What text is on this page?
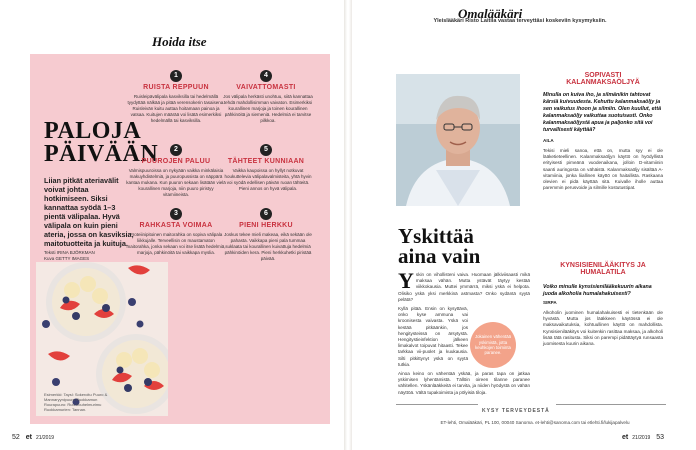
Hoida itse
PALOJA
PÄIVÄÄN
Liian pitkät ateriavälit voivat johtaa hotkimiseen. Siksi kannattaa syödä 1–3 pientä välipalaa. Hyvä välipala on kuin pieni ateria, jossa on kasviksia, maitotuotteita ja kuituja.
Teksti IRINA BJÖRKMAN
Kuva GETTY IMAGES
Esimerkki: Taysl: Sokeroitu Puuro & Mannaryynipuuro Ruokkamun Rourapuuro: Ruu Vouhelmurimu Ruokkamurien: Tannan.
1
RUISTA REPPUUN
Ruisleipävälipala kasviksilla tai hedelmällä tyydyttää nälkää ja pitää verensokerin tasaisena. Ruisleivän kuitu auttaa hoitamaan painoa ja vatsaa. Kuitujen määrää voi lisätä esimerkiksi hedelmällä tai kasviksilla.
2
PUUROJEN PALUU
Valmispuuroissa on nykyään vaikka minkälaisia makuyhdistelmiä, ja puuropussista on näppärä kantaa mukana. Kun puuron sekaan lisätään vielä kourallinen marjoja, niin puuro piristyy vitamiineista.
3
RAHKASTA VOIMAA
Proteiinipitoinen maitorahka on sopiva välipala liikkujalle. Terveellisin on maustamaton maitorahka, jonka sekaan voi itse lisätä hedelmiä, marjoja, pähkinöitä tai vaikkapa myslia.
4
VAIVATTOMASTI
Jos välipala herkästi unohtuu, siitä kannattaa tehdä mahdollisimman vaivaton. Esimerkiksi kourallinen marjoja ja toinen kourallinen pähkinöitä ja siemeniä. Hedelmiä ei tarvitse pilkkoa.
5
TÄHTEET KUNNIAAN
Vaikka kaupoissa on hyllyt notkuvat houkuttelevia välipalavalmisteita, yhtä hyvin voi syödä edellisen päivän ruoan tähteitä. Pieni annos on hyvä välipala.
6
PIENI HERKKU
Joskus tekee mieli makeaa, eikä sekään ole pahasta. Vaikkapa pieni pala tummaa suklaata tai kourallinen kuivattuja hedelmiä pähkinöiden kera. Pieni herkkuhetki piristää päivää.
52 et 21/2019
Omalääkäri
Yleislääkäri Risto Laitila vastaa terveyttäsi koskeviin kysymyksiin.
Yskittää
aina vain
Y skin on vihollisteni vaiva. Huomaan jälkiviisaasti mikä maksaa vähän. Mutta ystävät täytyy kestää viikkokausia. Muttei ymmärrä, miksi yskä ei helpota. Olisiko yskä yksi merkkinä astmasta? Onko sydäntä syytä pelätä?

Kyllä pitää. Ensin on kysyttävä, onko kyse ammuna vai kroonisesta vaivasta. Yskä voi kestää pitkäänkin, jos hengitysteissä on ärsytystä. Hengitystieinfektion jälkeen limakalvot toipuvat hitaasti. Tekee tarkkaa vii-puolet ja kuukausia. Silti pitkittynyt yskä on syytä tutkia.

Ainoa keino on vähentää yskää, ja paras tapa on jatkaa yskimisen lyhentämistä. Tällöin oireen tilanne paranee vähitellen. Yskänlääkkeitä ei tarvita, ja niiden hyödystä on vähän näyttöä. Vältä tupakoimista ja pölyisiä tiloja.

Jokainen vähentää yskimistä, jotta keuhkojen toiminta paranee.
SOPIVASTI KALANMAKSAÖLJYÄ
Minulla on kuiva iho, ja silmänikin tahtovat kärsiä kuivuudesta. Kehuttu kalanmaksaöljy ja sen vaikutus ihoon ja silmiin. Olen kuullut, että kalanmaksaöljy vaikuttaa suotuisasti. Onko kalanmaksaöljystä apua ja paljonko sitä voi turvallisesti käyttää?
AILA
Tekisi mieli sanoa, että on, mutta syy ei ole lääketieteellinen. Kalanmaksaöljyn käyttö on hyödyllistä erityisesti pimeänä vuodenaikana, jolloin D-vitamiinin saanti auringosta on vähäistä. Kalanmaksaöljy sisältää A-vitamiinia, jonka liiallinen käyttö on haitallista. Raskaana olevien ei pidä käyttää sitä. Kuivalle iholle auttaa paremmin perusvoide ja silmille kostutustipat.
KYNSISIENILÄÄKITYS JA HUMALATILA
Voiko minulle kynsisienilääkekuurin aikana juoda alkoholia humalahakuisesti?
SIRPA
Alkoholin juominen humalahakuisesti ei tietenkään ole hyvästä. Mutta jos lääkkeen käytössä ei ole maksavaikutuksia, kohtuullinen käyttö on mahdollista. Kynsisienilääkitys voi kuitenkin rasittaa maksaa, ja alkoholi lisää tätä rasitusta. Siksi on parempi pidättäytyä runsaasta juomisesta kuurin aikana.
KYSY TERVEYDESTÄ
ET-lehti, Omalääkäri, PL 100, 00040 Sanoma. et-lehti@sanoma.com tai etlehti.fi/lukijapalvelu
et 21/2019 53
